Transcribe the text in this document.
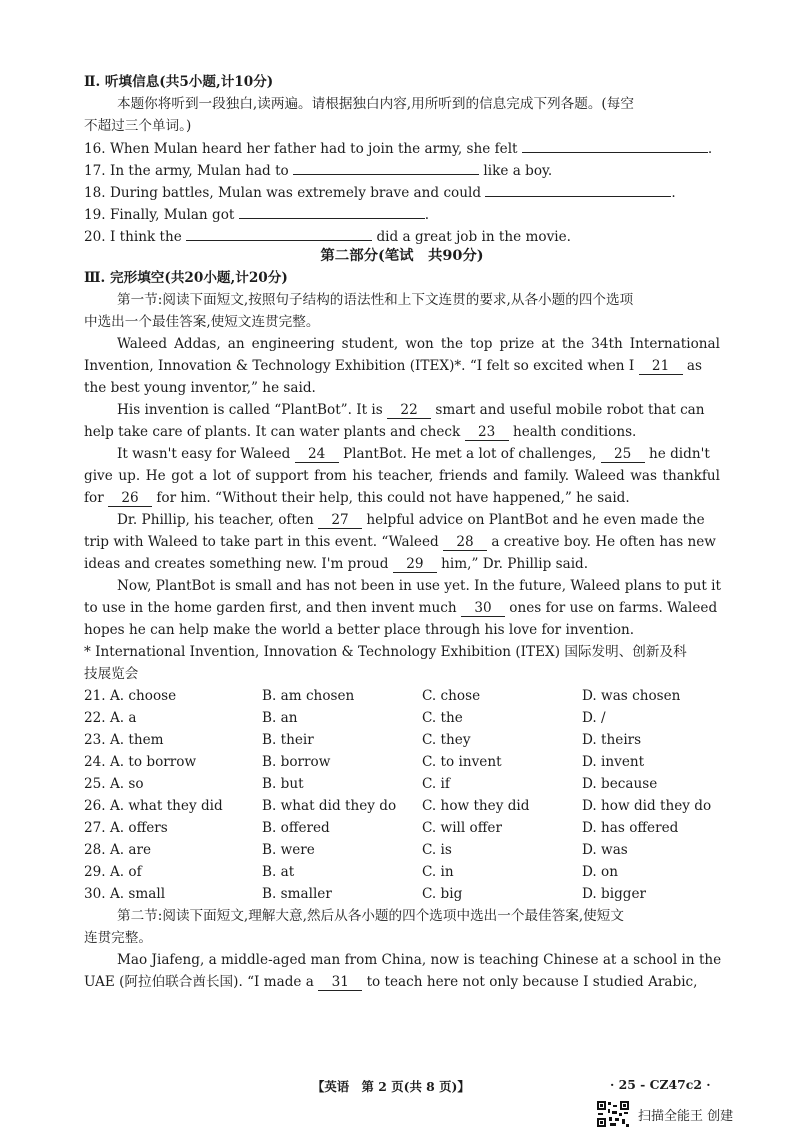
Ⅱ. 听填信息(共5小题,计10分)
本题你将听到一段独白,读两遍。请根据独白内容,用所听到的信息完成下列各题。(每空
不超过三个单词。)
16. When Mulan heard her father had to join the army, she felt	.
17. In the army, Mulan had to	like a boy.
18. During battles, Mulan was extremely brave and could	.
19. Finally, Mulan got	.
20. I think the	did a great job in the movie.
第二部分(笔试　共90分)
Ⅲ. 完形填空(共20小题,计20分)
第一节:阅读下面短文,按照句子结构的语法性和上下文连贯的要求,从各小题的四个选项
中选出一个最佳答案,使短文连贯完整。
Waleed Addas, an engineering student, won the top prize at the 34th International
Invention, Innovation & Technology Exhibition (ITEX)*. “I felt so excited when I 21 as
the best young inventor,” he said.
His invention is called “PlantBot”. It is 22 smart and useful mobile robot that can
help take care of plants. It can water plants and check 23 health conditions.
It wasn't easy for Waleed 24 PlantBot. He met a lot of challenges, 25 he didn't
give up. He got a lot of support from his teacher, friends and family. Waleed was thankful
for 26 for him. “Without their help, this could not have happened,” he said.
Dr. Phillip, his teacher, often 27 helpful advice on PlantBot and he even made the
trip with Waleed to take part in this event. “Waleed 28 a creative boy. He often has new
ideas and creates something new. I'm proud 29 him,” Dr. Phillip said.
Now, PlantBot is small and has not been in use yet. In the future, Waleed plans to put it
to use in the home garden first, and then invent much 30 ones for use on farms. Waleed
hopes he can help make the world a better place through his love for invention.
* International Invention, Innovation & Technology Exhibition (ITEX) 国际发明、创新及科
技展览会
21. A. choose	B. am chosen	C. chose	D. was chosen
22. A. a	B. an	C. the	D. /
23. A. them	B. their	C. they	D. theirs
24. A. to borrow	B. borrow	C. to invent	D. invent
25. A. so	B. but	C. if	D. because
26. A. what they did	B. what did they do C. how they did	D. how did they do
27. A. offers	B. offered	C. will offer	D. has offered
28. A. are	B. were	C. is	D. was
29. A. of	B. at	C. in	D. on
30. A. small	B. smaller	C. big	D. bigger
第二节:阅读下面短文,理解大意,然后从各小题的四个选项中选出一个最佳答案,使短文
连贯完整。
Mao Jiafeng, a middle-aged man from China, now is teaching Chinese at a school in the
UAE (阿拉伯联合酋长国). “I made a 31 to teach here not only because I studied Arabic,
【英语　第 2 页(共 8 页)】	· 25 - CZ47c2 ·
扫描全能王 创建
